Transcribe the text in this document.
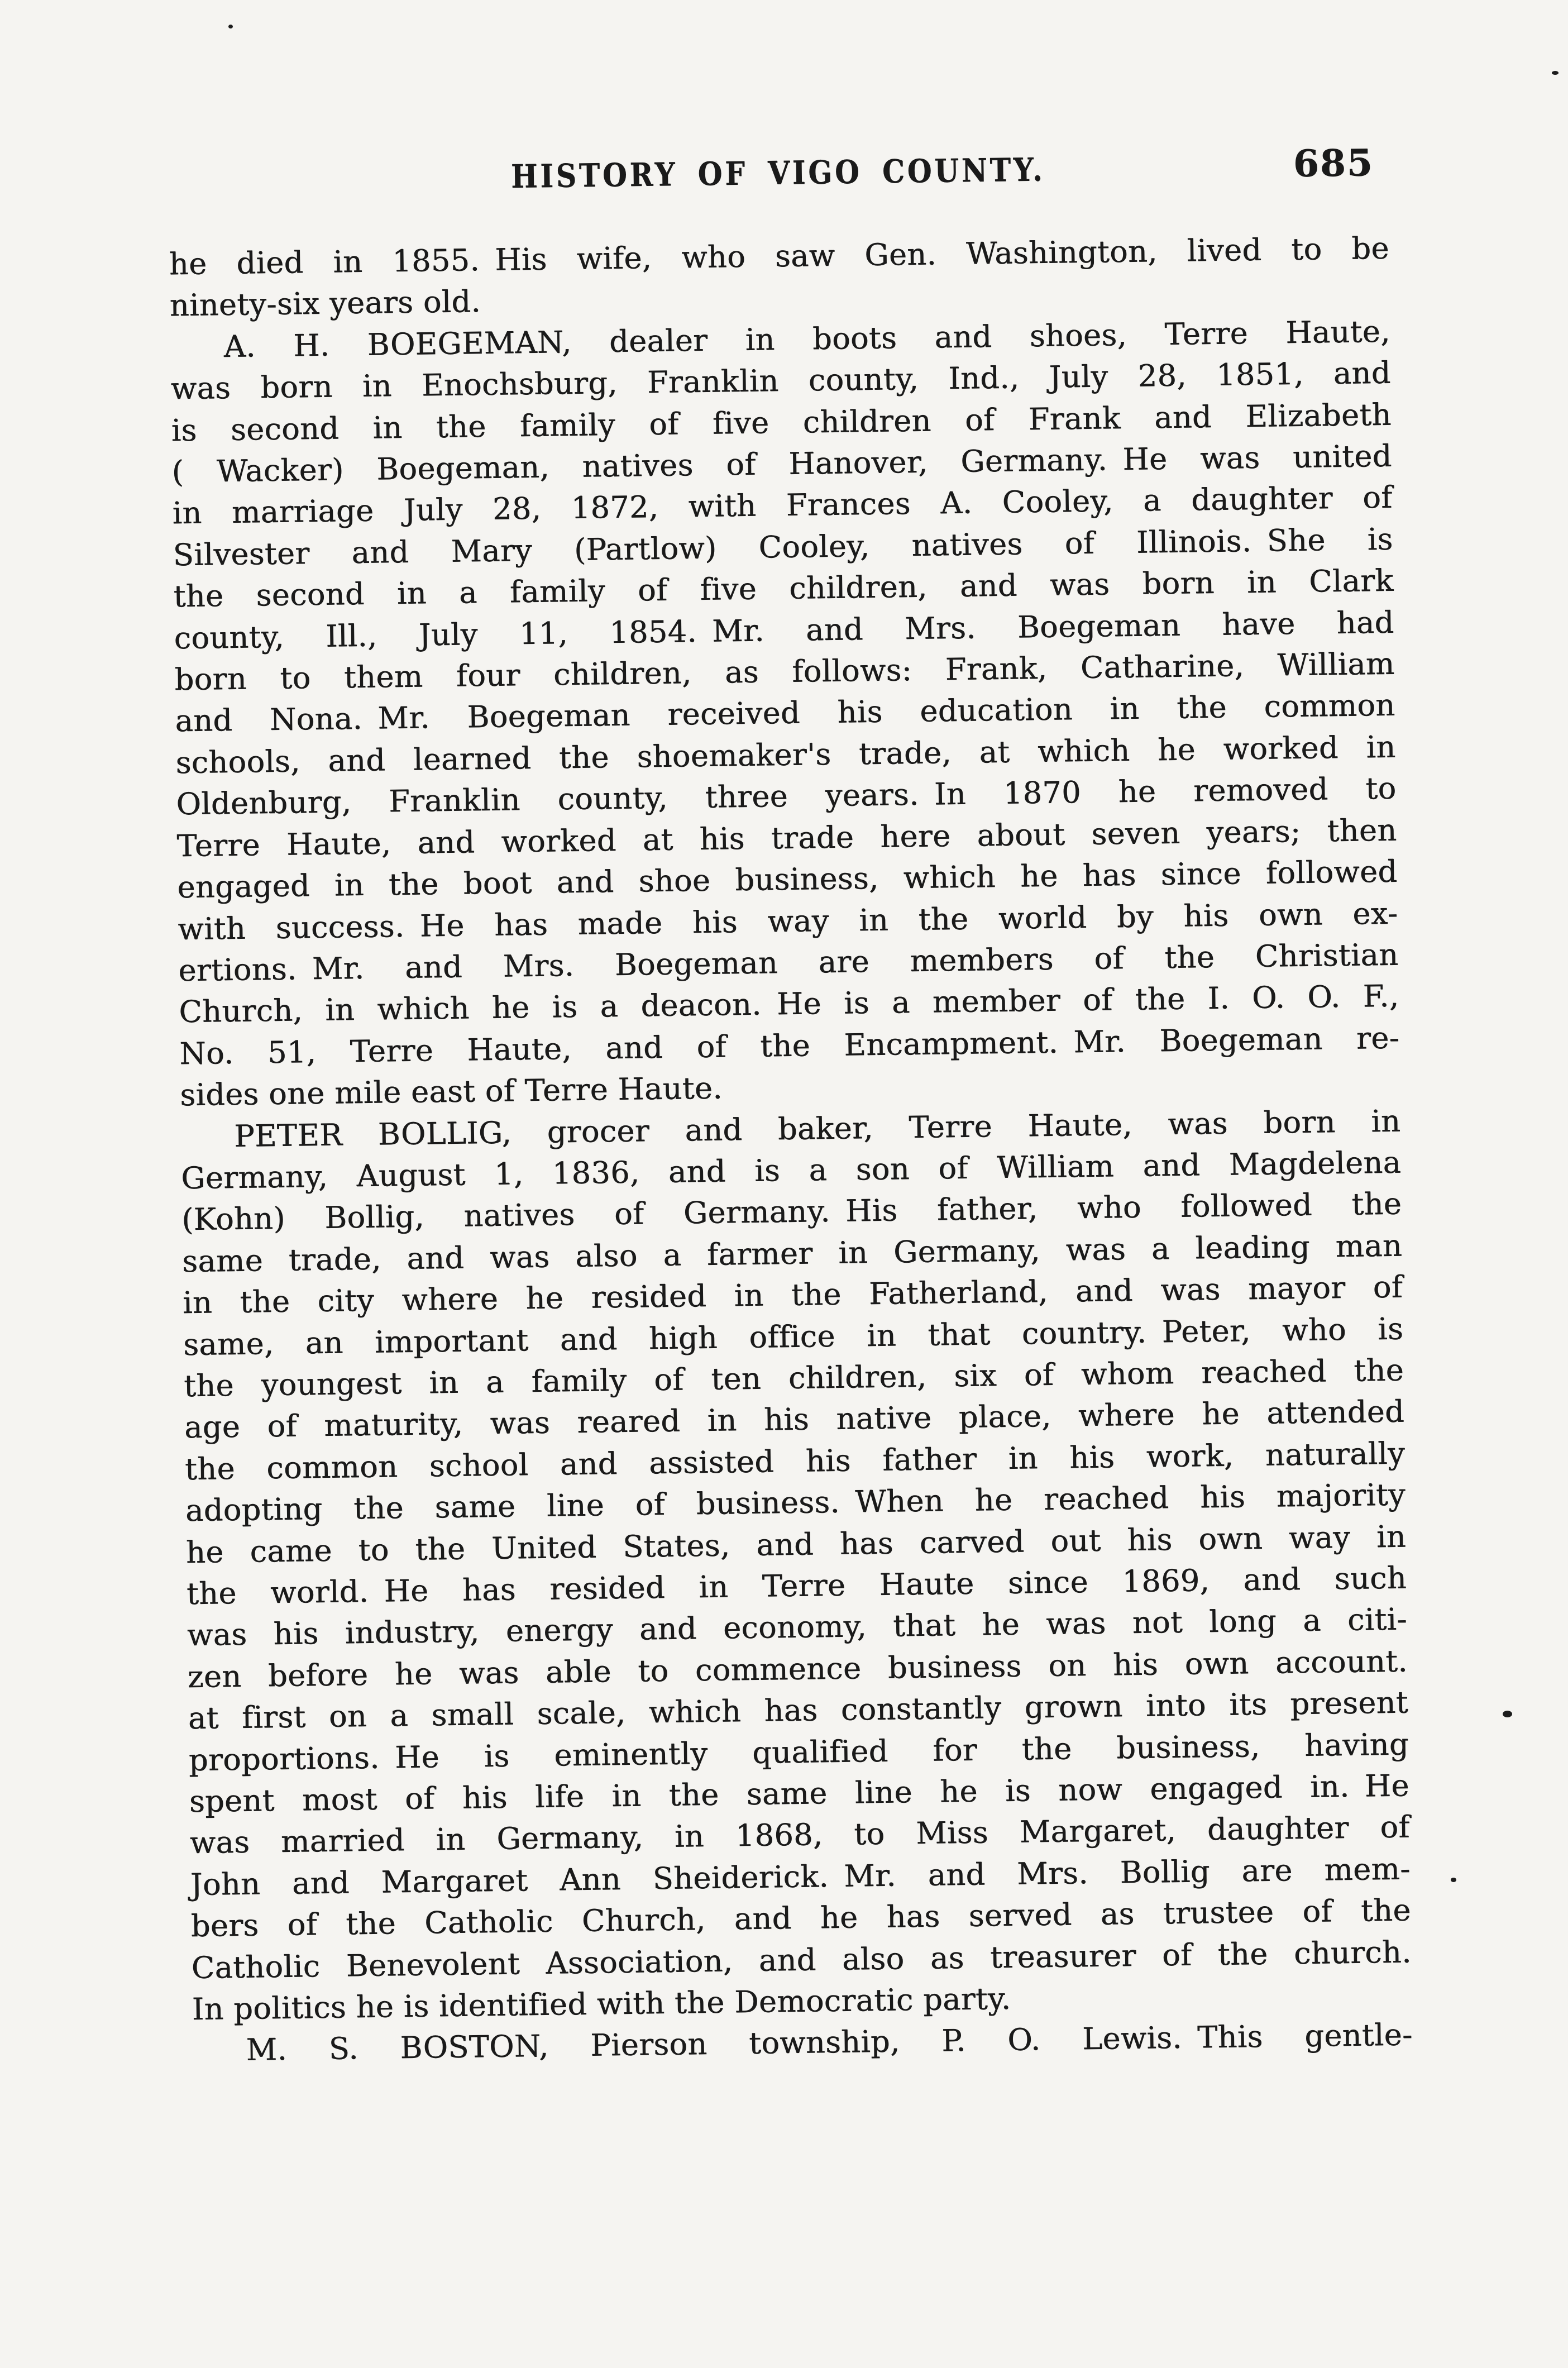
HISTORY OF VIGO COUNTY.	685
he died in 1855. His wife, who saw Gen. Washington, lived to be
ninety-six years old.
A. H. BOEGEMAN, dealer in boots and shoes, Terre Haute,
was born in Enochsburg, Franklin county, Ind., July 28, 1851, and
is second in the family of five children of Frank and Elizabeth
( Wacker) Boegeman, natives of Hanover, Germany. He was united
in marriage July 28, 1872, with Frances A. Cooley, a daughter of
Silvester and Mary (Partlow) Cooley, natives of Illinois. She is
the second in a family of five children, and was born in Clark
county, Ill., July 11, 1854. Mr. and Mrs. Boegeman have had
born to them four children, as follows: Frank, Catharine, William
and Nona. Mr. Boegeman received his education in the common
schools, and learned the shoemaker's trade, at which he worked in
Oldenburg, Franklin county, three years. In 1870 he removed to
Terre Haute, and worked at his trade here about seven years; then
engaged in the boot and shoe business, which he has since followed
with success. He has made his way in the world by his own ex-
ertions. Mr. and Mrs. Boegeman are members of the Christian
Church, in which he is a deacon. He is a member of the I. O. O. F.,
No. 51, Terre Haute, and of the Encampment. Mr. Boegeman re-
sides one mile east of Terre Haute.
PETER BOLLIG, grocer and baker, Terre Haute, was born in
Germany, August 1, 1836, and is a son of William and Magdelena
(Kohn) Bollig, natives of Germany. His father, who followed the
same trade, and was also a farmer in Germany, was a leading man
in the city where he resided in the Fatherland, and was mayor of
same, an important and high office in that country. Peter, who is
the youngest in a family of ten children, six of whom reached the
age of maturity, was reared in his native place, where he attended
the common school and assisted his father in his work, naturally
adopting the same line of business. When he reached his majority
he came to the United States, and has carved out his own way in
the world. He has resided in Terre Haute since 1869, and such
was his industry, energy and economy, that he was not long a citi-
zen before he was able to commence business on his own account.
at first on a small scale, which has constantly grown into its present
proportions. He is eminently qualified for the business, having
spent most of his life in the same line he is now engaged in. He
was married in Germany, in 1868, to Miss Margaret, daughter of
John and Margaret Ann Sheiderick. Mr. and Mrs. Bollig are mem-
bers of the Catholic Church, and he has served as trustee of the
Catholic Benevolent Association, and also as treasurer of the church.
In politics he is identified with the Democratic party.
M. S. BOSTON, Pierson township, P. O. Lewis. This gentle-
